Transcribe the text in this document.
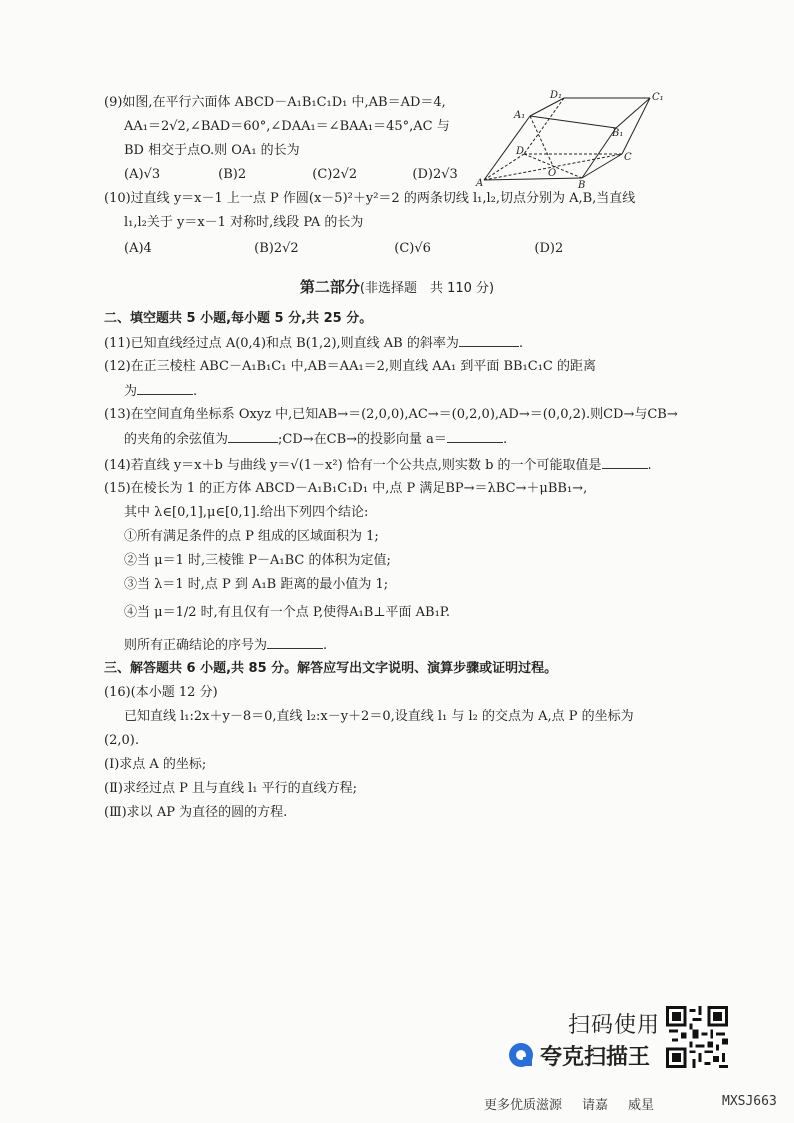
(9)如图,在平行六面体 ABCD－A₁B₁C₁D₁ 中,AB＝AD＝4,
AA₁＝2√2,∠BAD＝60°,∠DAA₁＝∠BAA₁＝45°,AC 与
BD 相交于点O.则 OA₁ 的长为
(A)√3	(B)2	(C)2√2	(D)2√3
D₁	C₁
A₁
B₁
D
C
O
A	B
(10)过直线 y＝x－1 上一点 P 作圆(x－5)²＋y²＝2 的两条切线 l₁,l₂,切点分别为 A,B,当直线
l₁,l₂关于 y＝x－1 对称时,线段 PA 的长为
(A)4	(B)2√2	(C)√6	(D)2
第二部分(非选择题　共 110 分)
二、填空题共 5 小题,每小题 5 分,共 25 分。
(11)已知直线经过点 A(0,4)和点 B(1,2),则直线 AB 的斜率为	.
(12)在正三棱柱 ABC－A₁B₁C₁ 中,AB＝AA₁＝2,则直线 AA₁ 到平面 BB₁C₁C 的距离
为	.
(13)在空间直角坐标系 Oxyz 中,已知AB→＝(2,0,0),AC→＝(0,2,0),AD→＝(0,0,2).则CD→与CB→
的夹角的余弦值为	;CD→在CB→的投影向量 a＝	.
(14)若直线 y＝x＋b 与曲线 y＝√(1－x²) 恰有一个公共点,则实数 b 的一个可能取值是	.
(15)在棱长为 1 的正方体 ABCD－A₁B₁C₁D₁ 中,点 P 满足BP→＝λBC→＋μBB₁→,
其中 λ∈[0,1],μ∈[0,1].给出下列四个结论:
①所有满足条件的点 P 组成的区域面积为 1;
②当 μ＝1 时,三棱锥 P－A₁BC 的体积为定值;
③当 λ＝1 时,点 P 到 A₁B 距离的最小值为 1;
④当 μ＝1/2 时,有且仅有一个点 P,使得A₁B⊥平面 AB₁P.
则所有正确结论的序号为	.
三、解答题共 6 小题,共 85 分。解答应写出文字说明、演算步骤或证明过程。
(16)(本小题 12 分)
已知直线 l₁:2x＋y－8＝0,直线 l₂:x－y＋2＝0,设直线 l₁ 与 l₂ 的交点为 A,点 P 的坐标为
(2,0).
(Ⅰ)求点 A 的坐标;
(Ⅱ)求经过点 P 且与直线 l₁ 平行的直线方程;
(Ⅲ)求以 AP 为直径的圆的方程.
扫码使用
夸克扫描王
更多优质滋源 请嘉 威星	MXSJ663
